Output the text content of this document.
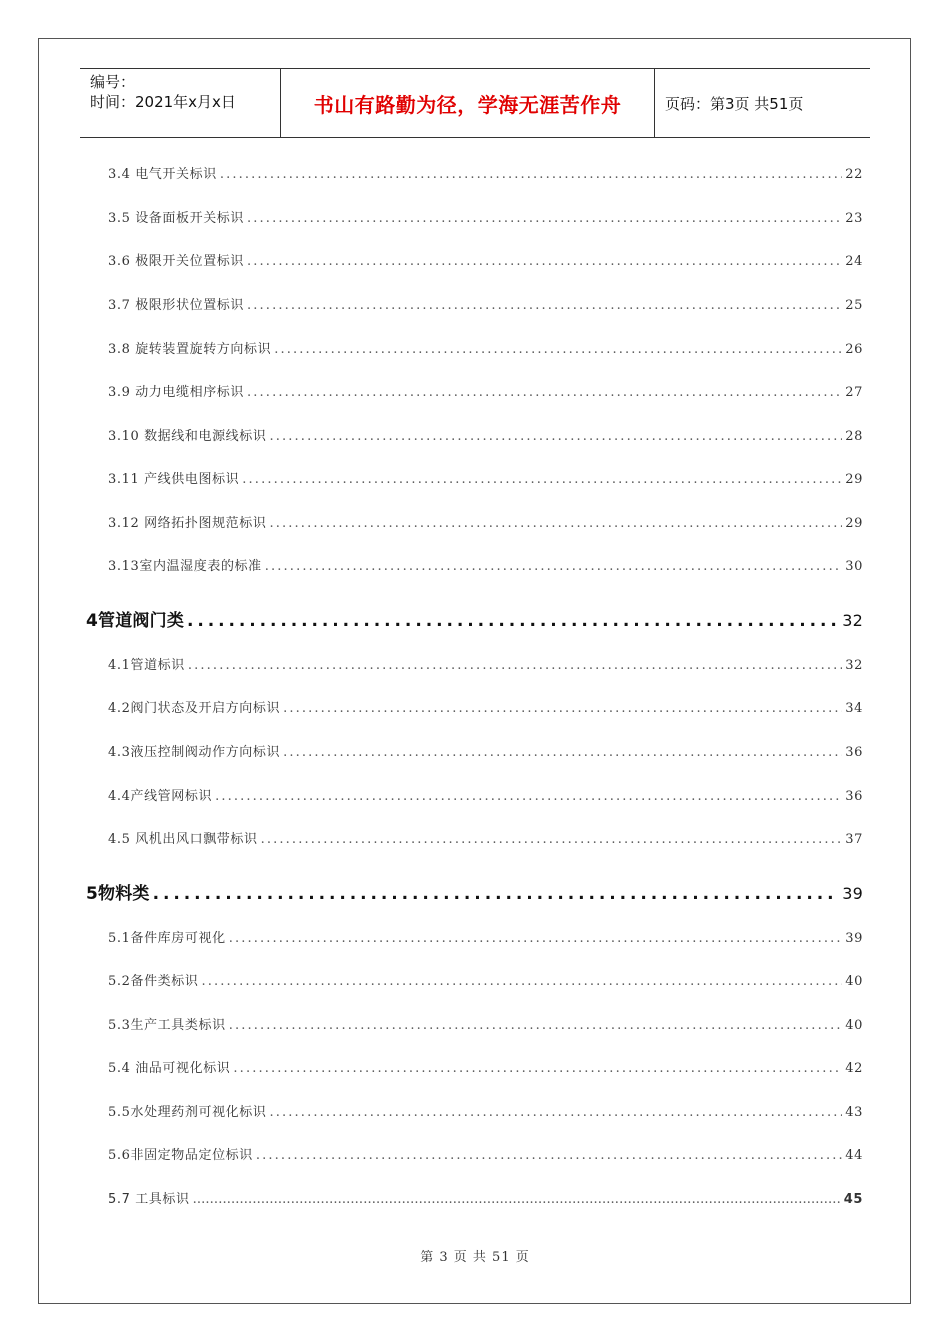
编号：
时间：2021年x月x日	书山有路勤为径，学海无涯苦作舟	页码：第3页 共51页
3.4 电气开关标识 . . .	22
3.5 设备面板开关标识 . . .	23
3.6 极限开关位置标识 . . .	24
3.7 极限形状位置标识 . . .	25
3.8 旋转装置旋转方向标识 . . .	26
3.9 动力电缆相序标识 . . .	27
3.10 数据线和电源线标识 . . .	28
3.11 产线供电图标识 . . .	29
3.12 网络拓扑图规范标识 . . .	29
3.13室内温湿度表的标准 . . .	30
4管道阀门类 . . .	32
4.1管道标识 . . .	32
4.2阀门状态及开启方向标识 . . .	34
4.3液压控制阀动作方向标识 . . .	36
4.4产线管网标识 . . .	36
4.5 风机出风口飘带标识 . . .	37
5物料类 . . .	39
5.1备件库房可视化 . . .	39
5.2备件类标识 . . .	40
5.3生产工具类标识 . . .	40
5.4 油品可视化标识 . . .	42
5.5水处理药剂可视化标识 . . .	43
5.6非固定物品定位标识 . . .	44
5.7 工具标识 . . .	45
第 3 页 共 51 页
